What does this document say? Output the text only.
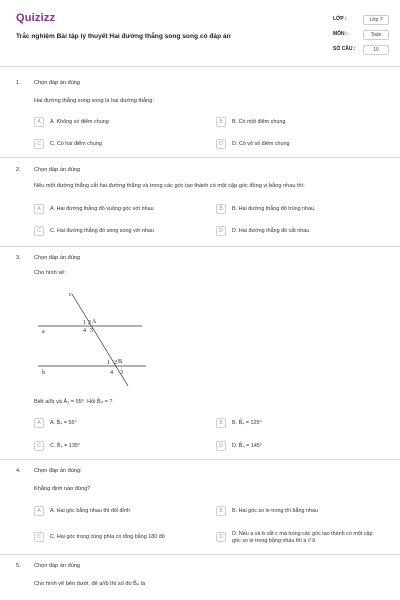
Quizizz
Trắc nghiệm Bài tập lý thuyết Hai đường thẳng song song có đáp án
LỚP :	Lớp 7
MÔN :	Toán
SỐ CÂU :	10
1. Chọn đáp án đúng
Hai đường thẳng song song là hai đường thẳng:
A	A. Không có điểm chung	B	B. Có một điểm chung
C	C. Có hai điểm chung	D	D. Có vô số điểm chung
2. Chọn đáp án đúng
Nếu một đường thẳng cắt hai đường thẳng và trong các góc tạo thành có một cặp góc đồng vị bằng nhau thì:
A	A. Hai đường thẳng đó vuông góc với nhau	B	B. Hai đường thẳng đó trùng nhau.
C	C. Hai đường thẳng đó song song với nhau	D	D. Hai đường thẳng đó cắt nhau
3. Chọn đáp án đúng
Cho hình vẽ:
c
a
b
1 2 A
4 3
1 2 B
4 3
Biết a//b và Â₁ = 55°. Hỏi B̂₄ = ?
A	A. B̂₄ = 55°	B	B. B̂₄ = 125°
C	C. B̂₄ = 135°	D	D. B̂₄ = 145°
4. Chọn đáp án đúng:
Khẳng định nào đúng?
A	A. Hai góc bằng nhau thì đối đỉnh	B	B. Hai góc so le trong thì bằng nhau
C	C. Hai góc trong cùng phía có tổng bằng 180 độ	D	D. Nếu a và b cắt c mà trong các góc tạo thành có một cặp góc so le trong bằng nhau thì a // b
5. Chọn đáp án đúng
Cho hình vẽ bên dưới, để a//b thì số đo B̂₄ là
